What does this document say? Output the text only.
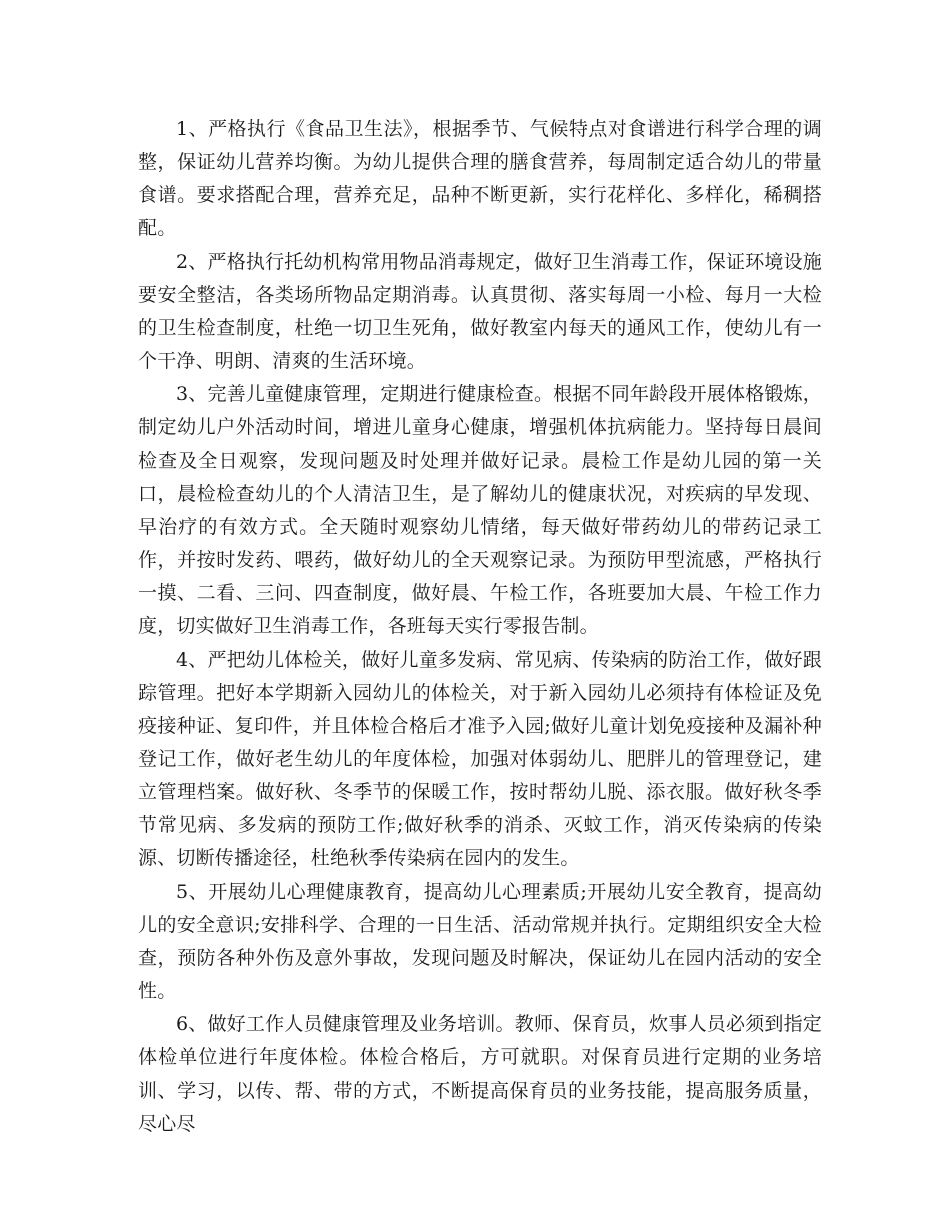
1、严格执行《食品卫生法》，根据季节、气候特点对食谱进行科学合理的调整，保证幼儿营养均衡。为幼儿提供合理的膳食营养，每周制定适合幼儿的带量食谱。要求搭配合理，营养充足，品种不断更新，实行花样化、多样化，稀稠搭配。

2、严格执行托幼机构常用物品消毒规定，做好卫生消毒工作，保证环境设施要安全整洁，各类场所物品定期消毒。认真贯彻、落实每周一小检、每月一大检的卫生检查制度，杜绝一切卫生死角，做好教室内每天的通风工作，使幼儿有一个干净、明朗、清爽的生活环境。

3、完善儿童健康管理，定期进行健康检查。根据不同年龄段开展体格锻炼，制定幼儿户外活动时间，增进儿童身心健康，增强机体抗病能力。坚持每日晨间检查及全日观察，发现问题及时处理并做好记录。晨检工作是幼儿园的第一关口，晨检检查幼儿的个人清洁卫生，是了解幼儿的健康状况，对疾病的早发现、早治疗的有效方式。全天随时观察幼儿情绪，每天做好带药幼儿的带药记录工作，并按时发药、喂药，做好幼儿的全天观察记录。为预防甲型流感，严格执行一摸、二看、三问、四查制度，做好晨、午检工作，各班要加大晨、午检工作力度，切实做好卫生消毒工作，各班每天实行零报告制。

4、严把幼儿体检关，做好儿童多发病、常见病、传染病的防治工作，做好跟踪管理。把好本学期新入园幼儿的体检关，对于新入园幼儿必须持有体检证及免疫接种证、复印件，并且体检合格后才准予入园;做好儿童计划免疫接种及漏补种登记工作，做好老生幼儿的年度体检，加强对体弱幼儿、肥胖儿的管理登记，建立管理档案。做好秋、冬季节的保暖工作，按时帮幼儿脱、添衣服。做好秋冬季节常见病、多发病的预防工作;做好秋季的消杀、灭蚊工作，消灭传染病的传染源、切断传播途径，杜绝秋季传染病在园内的发生。

5、开展幼儿心理健康教育，提高幼儿心理素质;开展幼儿安全教育，提高幼儿的安全意识;安排科学、合理的一日生活、活动常规并执行。定期组织安全大检查，预防各种外伤及意外事故，发现问题及时解决，保证幼儿在园内活动的安全性。

6、做好工作人员健康管理及业务培训。教师、保育员，炊事人员必须到指定体检单位进行年度体检。体检合格后，方可就职。对保育员进行定期的业务培训、学习，以传、帮、带的方式，不断提高保育员的业务技能，提高服务质量，尽心尽
